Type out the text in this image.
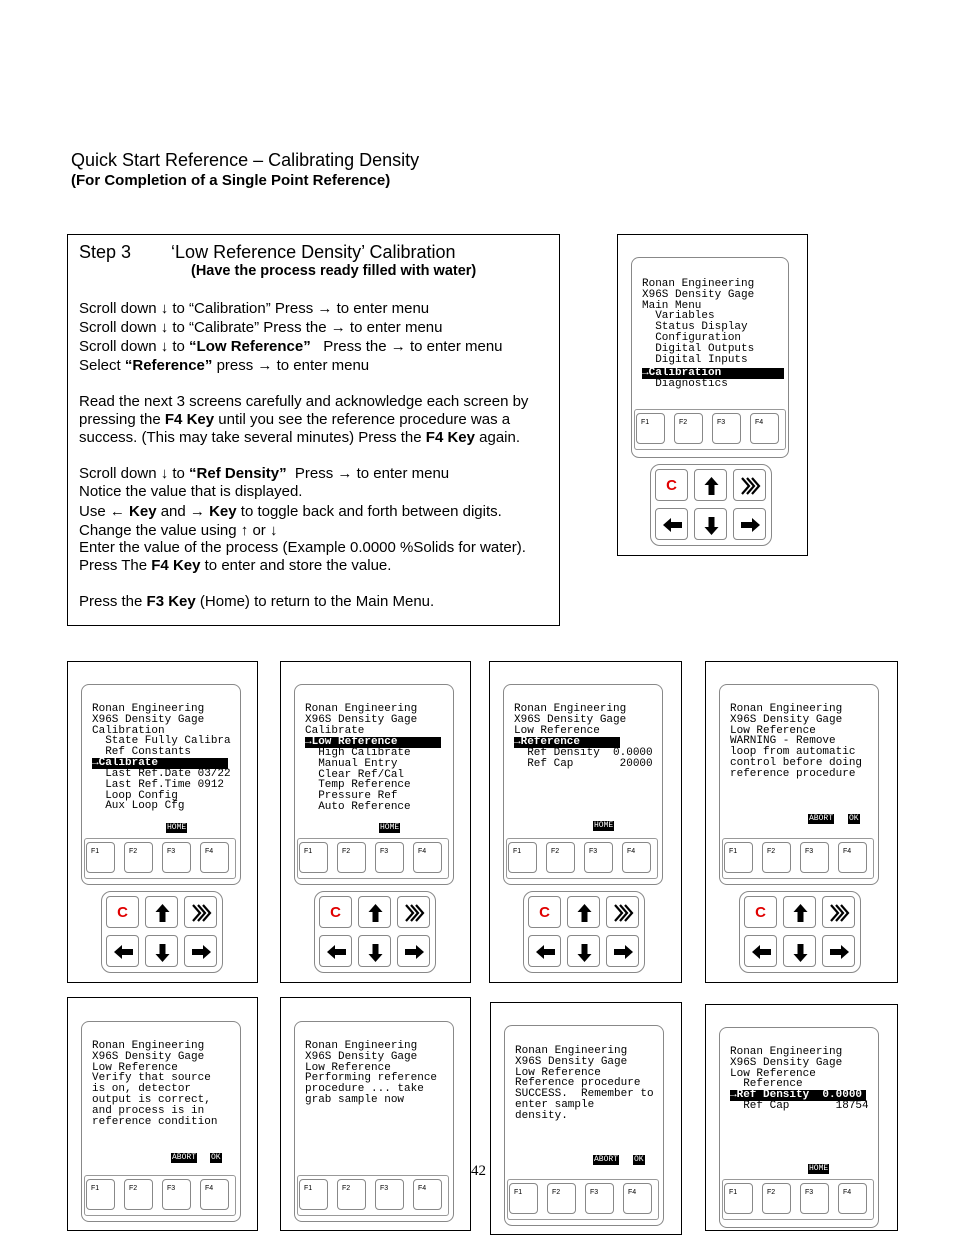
Quick Start Reference – Calibrating Density
(For Completion of a Single Point Reference)
Step 3        ‘Low Reference Density’ Calibration
(Have the process ready filled with water)
Scroll down ↓ to “Calibration” Press → to enter menu
Scroll down ↓ to “Calibrate” Press the → to enter menu
Scroll down ↓ to “Low Reference”   Press the → to enter menu
Select “Reference” press → to enter menu
Read the next 3 screens carefully and acknowledge each screen by
pressing the F4 Key until you see the reference procedure was a
success. (This may take several minutes) Press the F4 Key again.
Scroll down ↓ to “Ref Density”  Press → to enter menu
Notice the value that is displayed.
Use ← Key and → Key to toggle back and forth between digits.
Change the value using ↑ or ↓
Enter the value of the process (Example 0.0000 %Solids for water).
Press The F4 Key to enter and store the value.
Press the F3 Key (Home) to return to the Main Menu.
Ronan Engineering
X96S Density Gage
Main Menu
Variables
Status Display
Configuration
Digital Outputs
Digital Inputs
→Calibration
F1	F2	F3	F4
C
Ronan Engineering
X96S Density Gage
Calibration
State Fully Calibra
Ref Constants
→Calibrate
HOME
F1	F2	F3	F4
C
Ronan Engineering
X96S Density Gage
Calibrate
→Low Reference
HOME
F1	F2	F3	F4
C
Ronan Engineering
X96S Density Gage
Low Reference
→Reference
HOME
F1	F2	F3	F4
C
Ronan Engineering
X96S Density Gage
Low Reference
WARNING - Remove
loop from automatic
control before doing
reference procedure
ABORT OK
F1	F2	F3	F4
C
Ronan Engineering
X96S Density Gage
Low Reference
Verify that source
is on, detector
output is correct,
and process is in
reference condition
ABORT OK
F1	F2	F3	F4
Ronan Engineering
X96S Density Gage
Low Reference
Performing reference
procedure ... take
grab sample now
F1	F2	F3	F4
Ronan Engineering
X96S Density Gage
Low Reference
Reference procedure
SUCCESS.  Remember to
enter sample
density.
ABORT OK
F1	F2	F3	F4
Ronan Engineering
X96S Density Gage
Low Reference
Reference
→Ref Density  0.0000
HOME
F1	F2	F3	F4
Diagnostics
Last Ref.Date 03/22
Last Ref.Time 0912
Loop Config
Aux Loop Cfg
High Calibrate
Manual Entry
Clear Ref/Cal
Temp Reference
Pressure Ref
Auto Reference
Ref Density  0.0000
Ref Cap       20000
Ref Cap       18754
42
